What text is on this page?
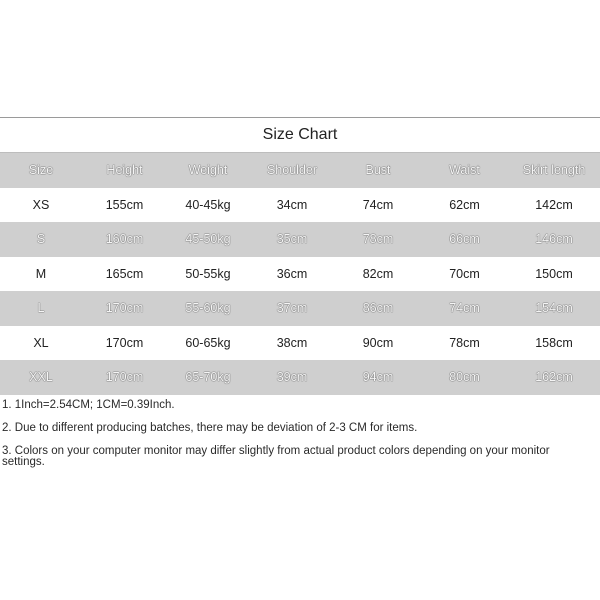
Size Chart
Size	Height	Weight	Shoulder	Bust	Waist	Skirt length
XS	155cm	40-45kg	34cm	74cm	62cm	142cm
S	160cm	45-50kg	35cm	78cm	66cm	146cm
M	165cm	50-55kg	36cm	82cm	70cm	150cm
L	170cm	55-60kg	37cm	86cm	74cm	154cm
XL	170cm	60-65kg	38cm	90cm	78cm	158cm
XXL	170cm	65-70kg	39cm	94cm	80cm	162cm

1. 1Inch=2.54CM; 1CM=0.39Inch.

2. Due to different producing batches, there may be deviation of 2-3 CM for items.

3. Colors on your computer monitor may differ slightly from actual product colors depending on your monitor settings.
